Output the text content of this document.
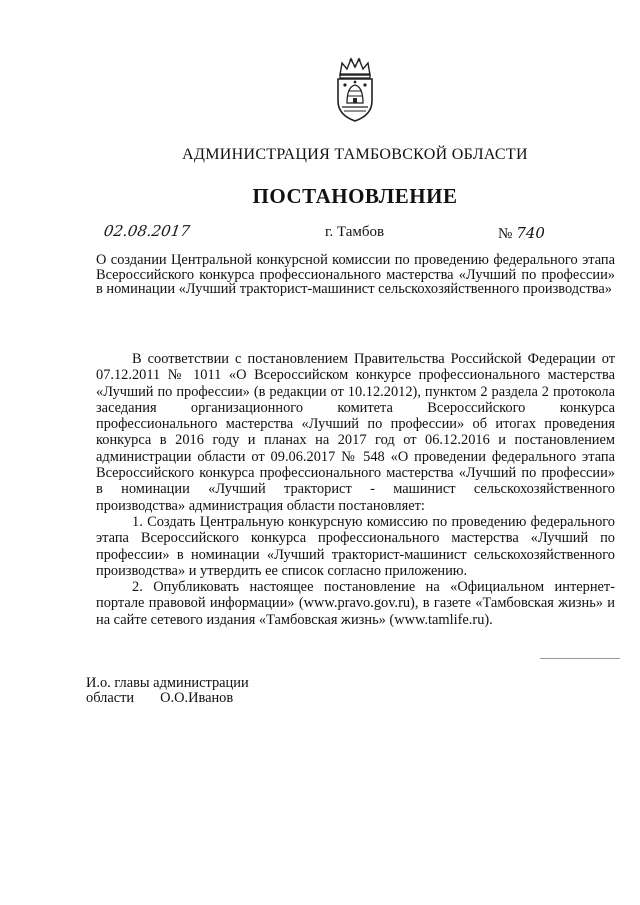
АДМИНИСТРАЦИЯ ТАМБОВСКОЙ ОБЛАСТИ
ПОСТАНОВЛЕНИЕ
02.08.2017	г. Тамбов	№ 740
О создании Центральной конкурсной комиссии по проведению федерального этапа Всероссийского конкурса профессионального мастерства «Лучший по профессии» в номинации «Лучший тракторист-машинист сельскохозяйственного производства»

В соответствии с постановлением Правительства Российской Федерации от 07.12.2011 № 1011 «О Всероссийском конкурсе профессионального мастерства «Лучший по профессии» (в редакции от 10.12.2012), пунктом 2 раздела 2 протокола заседания организационного комитета Всероссийского конкурса профессионального мастерства «Лучший по профессии» об итогах проведения конкурса в 2016 году и планах на 2017 год от 06.12.2016 и постановлением администрации области от 09.06.2017 № 548 «О проведении федерального этапа Всероссийского конкурса профессионального мастерства «Лучший по профессии» в номинации «Лучший тракторист - машинист сельскохозяйственного производства» администрация области постановляет:

1. Создать Центральную конкурсную комиссию по проведению федерального этапа Всероссийского конкурса профессионального мастерства «Лучший по профессии» в номинации «Лучший тракторист-машинист сельскохозяйственного производства» и утвердить ее список согласно приложению.

2. Опубликовать настоящее постановление на «Официальном интернет-портале правовой информации» (www.pravo.gov.ru), в газете «Тамбовская жизнь» и на сайте сетевого издания «Тамбовская жизнь» (www.tamlife.ru).

И.о. главы администрации
области О.О.Иванов
